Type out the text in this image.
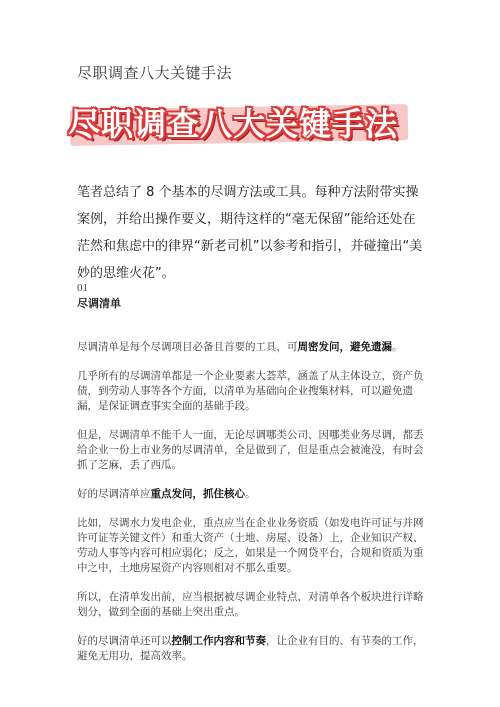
尽职调查八大关键手法
尽职调查八大关键手法
笔者总结了 8 个基本的尽调方法或工具。每种方法附带实操案例，并给出操作要义，期待这样的“毫无保留”能给还处在茫然和焦虑中的律界“新老司机”以参考和指引，并碰撞出“美妙的思维火花”。
01
尽调清单

尽调清单是每个尽调项目必备且首要的工具，可周密发问，避免遗漏。

几乎所有的尽调清单都是一个企业要素大荟萃，涵盖了从主体设立，资产负债，到劳动人事等各个方面，以清单为基础向企业搜集材料，可以避免遗漏，是保证调查事实全面的基础手段。

但是，尽调清单不能千人一面，无论尽调哪类公司、因哪类业务尽调，都丢给企业一份上市业务的尽调清单，全是做到了，但是重点会被淹没，有时会抓了芝麻，丢了西瓜。

好的尽调清单应重点发问，抓住核心。

比如，尽调水力发电企业，重点应当在企业业务资质（如发电许可证与并网许可证等关键文件）和重大资产（土地、房屋、设备）上，企业知识产权、劳动人事等内容可相应弱化；反之，如果是一个网贷平台，合规和资质为重中之中，土地房屋资产内容则相对不那么重要。

所以，在清单发出前，应当根据被尽调企业特点，对清单各个板块进行详略划分，做到全面的基础上突出重点。

好的尽调清单还可以控制工作内容和节奏，让企业有目的、有节奏的工作，避免无用功，提高效率。
